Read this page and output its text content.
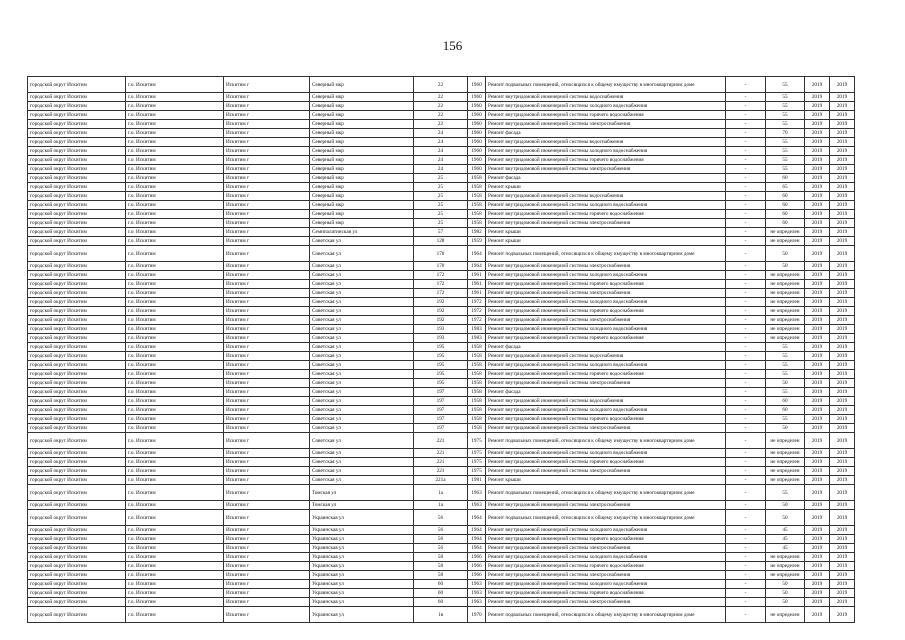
156
городской округ Искитим	г.о. Искитим	Искитим г	Северный мкр	22	1960	Ремонт подвальных помещений, относящихся к общему имуществу в многоквартирном доме	-	55	2019	2019
городской округ Искитим	г.о. Искитим	Искитим г	Северный мкр	22	1960	Ремонт внутридомовой инженерной системы водоснабжения	-	55	2019	2019
городской округ Искитим	г.о. Искитим	Искитим г	Северный мкр	22	1960	Ремонт внутридомовой инженерной системы холодного водоснабжения	-	55	2019	2019
городской округ Искитим	г.о. Искитим	Искитим г	Северный мкр	22	1960	Ремонт внутридомовой инженерной системы горячего водоснабжения	-	55	2019	2019
городской округ Искитим	г.о. Искитим	Искитим г	Северный мкр	22	1960	Ремонт внутридомовой инженерной системы электроснабжения	-	55	2019	2019
городской округ Искитим	г.о. Искитим	Искитим г	Северный мкр	24	1960	Ремонт фасада	-	70	2019	2019
городской округ Искитим	г.о. Искитим	Искитим г	Северный мкр	24	1960	Ремонт внутридомовой инженерной системы водоснабжения	-	55	2019	2019
городской округ Искитим	г.о. Искитим	Искитим г	Северный мкр	24	1960	Ремонт внутридомовой инженерной системы холодного водоснабжения	-	55	2019	2019
городской округ Искитим	г.о. Искитим	Искитим г	Северный мкр	24	1960	Ремонт внутридомовой инженерной системы горячего водоснабжения	-	55	2019	2019
городской округ Искитим	г.о. Искитим	Искитим г	Северный мкр	24	1960	Ремонт внутридомовой инженерной системы электроснабжения	-	55	2019	2019
городской округ Искитим	г.о. Искитим	Искитим г	Северный мкр	25	1958	Ремонт фасада	-	60	2019	2019
городской округ Искитим	г.о. Искитим	Искитим г	Северный мкр	25	1958	Ремонт крыши	-	65	2019	2019
городской округ Искитим	г.о. Искитим	Искитим г	Северный мкр	25	1958	Ремонт внутридомовой инженерной системы водоснабжения	-	60	2019	2019
городской округ Искитим	г.о. Искитим	Искитим г	Северный мкр	25	1958	Ремонт внутридомовой инженерной системы холодного водоснабжения	-	60	2019	2019
городской округ Искитим	г.о. Искитим	Искитим г	Северный мкр	25	1958	Ремонт внутридомовой инженерной системы горячего водоснабжения	-	60	2019	2019
городской округ Искитим	г.о. Искитим	Искитим г	Северный мкр	25	1958	Ремонт внутридомовой инженерной системы электроснабжения	-	60	2019	2019
городской округ Искитим	г.о. Искитим	Искитим г	Семипалатинская ул	57	1982	Ремонт крыши	-	не определен	2019	2019
городской округ Искитим	г.о. Искитим	Искитим г	Советская ул	128	1959	Ремонт крыши	-	не определен	2019	2019
городской округ Искитим	г.о. Искитим	Искитим г	Советская ул	170	1964	Ремонт подвальных помещений, относящихся к общему имуществу в многоквартирном доме	-	50	2019	2019
городской округ Искитим	г.о. Искитим	Искитим г	Советская ул	170	1964	Ремонт внутридомовой инженерной системы электроснабжения	-	50	2019	2019
городской округ Искитим	г.о. Искитим	Искитим г	Советская ул	172	1961	Ремонт внутридомовой инженерной системы холодного водоснабжения	-	не определен	2019	2019
городской округ Искитим	г.о. Искитим	Искитим г	Советская ул	172	1961	Ремонт внутридомовой инженерной системы горячего водоснабжения	-	не определен	2019	2019
городской округ Искитим	г.о. Искитим	Искитим г	Советская ул	172	1961	Ремонт внутридомовой инженерной системы электроснабжения	-	не определен	2019	2019
городской округ Искитим	г.о. Искитим	Искитим г	Советская ул	192	1972	Ремонт внутридомовой инженерной системы холодного водоснабжения	-	не определен	2019	2019
городской округ Искитим	г.о. Искитим	Искитим г	Советская ул	192	1972	Ремонт внутридомовой инженерной системы горячего водоснабжения	-	не определен	2019	2019
городской округ Искитим	г.о. Искитим	Искитим г	Советская ул	192	1972	Ремонт внутридомовой инженерной системы электроснабжения	-	не определен	2019	2019
городской округ Искитим	г.о. Искитим	Искитим г	Советская ул	193	1983	Ремонт внутридомовой инженерной системы холодного водоснабжения	-	не определен	2019	2019
городской округ Искитим	г.о. Искитим	Искитим г	Советская ул	193	1983	Ремонт внутридомовой инженерной системы горячего водоснабжения	-	не определен	2019	2019
городской округ Искитим	г.о. Искитим	Искитим г	Советская ул	195	1958	Ремонт фасада	-	55	2019	2019
городской округ Искитим	г.о. Искитим	Искитим г	Советская ул	195	1958	Ремонт внутридомовой инженерной системы водоснабжения	-	55	2019	2019
городской округ Искитим	г.о. Искитим	Искитим г	Советская ул	195	1958	Ремонт внутридомовой инженерной системы холодного водоснабжения	-	55	2019	2019
городской округ Искитим	г.о. Искитим	Искитим г	Советская ул	195	1958	Ремонт внутридомовой инженерной системы горячего водоснабжения	-	55	2019	2019
городской округ Искитим	г.о. Искитим	Искитим г	Советская ул	195	1958	Ремонт внутридомовой инженерной системы электроснабжения	-	50	2019	2019
городской округ Искитим	г.о. Искитим	Искитим г	Советская ул	197	1958	Ремонт фасада	-	55	2019	2019
городской округ Искитим	г.о. Искитим	Искитим г	Советская ул	197	1958	Ремонт внутридомовой инженерной системы водоснабжения	-	60	2019	2019
городской округ Искитим	г.о. Искитим	Искитим г	Советская ул	197	1958	Ремонт внутридомовой инженерной системы холодного водоснабжения	-	60	2019	2019
городской округ Искитим	г.о. Искитим	Искитим г	Советская ул	197	1958	Ремонт внутридомовой инженерной системы горячего водоснабжения	-	55	2019	2019
городской округ Искитим	г.о. Искитим	Искитим г	Советская ул	197	1958	Ремонт внутридомовой инженерной системы электроснабжения	-	50	2019	2019
городской округ Искитим	г.о. Искитим	Искитим г	Советская ул	221	1975	Ремонт подвальных помещений, относящихся к общему имуществу в многоквартирном доме	-	не определен	2019	2019
городской округ Искитим	г.о. Искитим	Искитим г	Советская ул	221	1975	Ремонт внутридомовой инженерной системы холодного водоснабжения	-	не определен	2019	2019
городской округ Искитим	г.о. Искитим	Искитим г	Советская ул	221	1975	Ремонт внутридомовой инженерной системы горячего водоснабжения	-	не определен	2019	2019
городской округ Искитим	г.о. Искитим	Искитим г	Советская ул	221	1975	Ремонт внутридомовой инженерной системы электроснабжения	-	не определен	2019	2019
городской округ Искитим	г.о. Искитим	Искитим г	Советская ул	221а	1981	Ремонт крыши	-	не определен	2019	2019
городской округ Искитим	г.о. Искитим	Искитим г	Томская ул	1а	1963	Ремонт подвальных помещений, относящихся к общему имуществу в многоквартирном доме	-	55	2019	2019
городской округ Искитим	г.о. Искитим	Искитим г	Томская ул	1а	1963	Ремонт внутридомовой инженерной системы электроснабжения	-	50	2019	2019
городской округ Искитим	г.о. Искитим	Искитим г	Украинская ул	56	1964	Ремонт подвальных помещений, относящихся к общему имуществу в многоквартирном доме	-	50	2019	2019
городской округ Искитим	г.о. Искитим	Искитим г	Украинская ул	56	1964	Ремонт внутридомовой инженерной системы холодного водоснабжения	-	45	2019	2019
городской округ Искитим	г.о. Искитим	Искитим г	Украинская ул	56	1964	Ремонт внутридомовой инженерной системы горячего водоснабжения	-	45	2019	2019
городской округ Искитим	г.о. Искитим	Искитим г	Украинская ул	56	1964	Ремонт внутридомовой инженерной системы электроснабжения	-	45	2019	2019
городской округ Искитим	г.о. Искитим	Искитим г	Украинская ул	58	1966	Ремонт внутридомовой инженерной системы холодного водоснабжения	-	не определен	2019	2019
городской округ Искитим	г.о. Искитим	Искитим г	Украинская ул	58	1966	Ремонт внутридомовой инженерной системы горячего водоснабжения	-	не определен	2019	2019
городской округ Искитим	г.о. Искитим	Искитим г	Украинская ул	58	1966	Ремонт внутридомовой инженерной системы электроснабжения	-	не определен	2019	2019
городской округ Искитим	г.о. Искитим	Искитим г	Украинская ул	60	1963	Ремонт внутридомовой инженерной системы холодного водоснабжения	-	50	2019	2019
городской округ Искитим	г.о. Искитим	Искитим г	Украинская ул	60	1963	Ремонт внутридомовой инженерной системы горячего водоснабжения	-	50	2019	2019
городской округ Искитим	г.о. Искитим	Искитим г	Украинская ул	60	1963	Ремонт внутридомовой инженерной системы электроснабжения	-	50	2019	2019
городской округ Искитим	г.о. Искитим	Искитим г	Украинская ул	1в	1970	Ремонт подвальных помещений, относящихся к общему имуществу в многоквартирном доме	-	не определен	2019	2019
